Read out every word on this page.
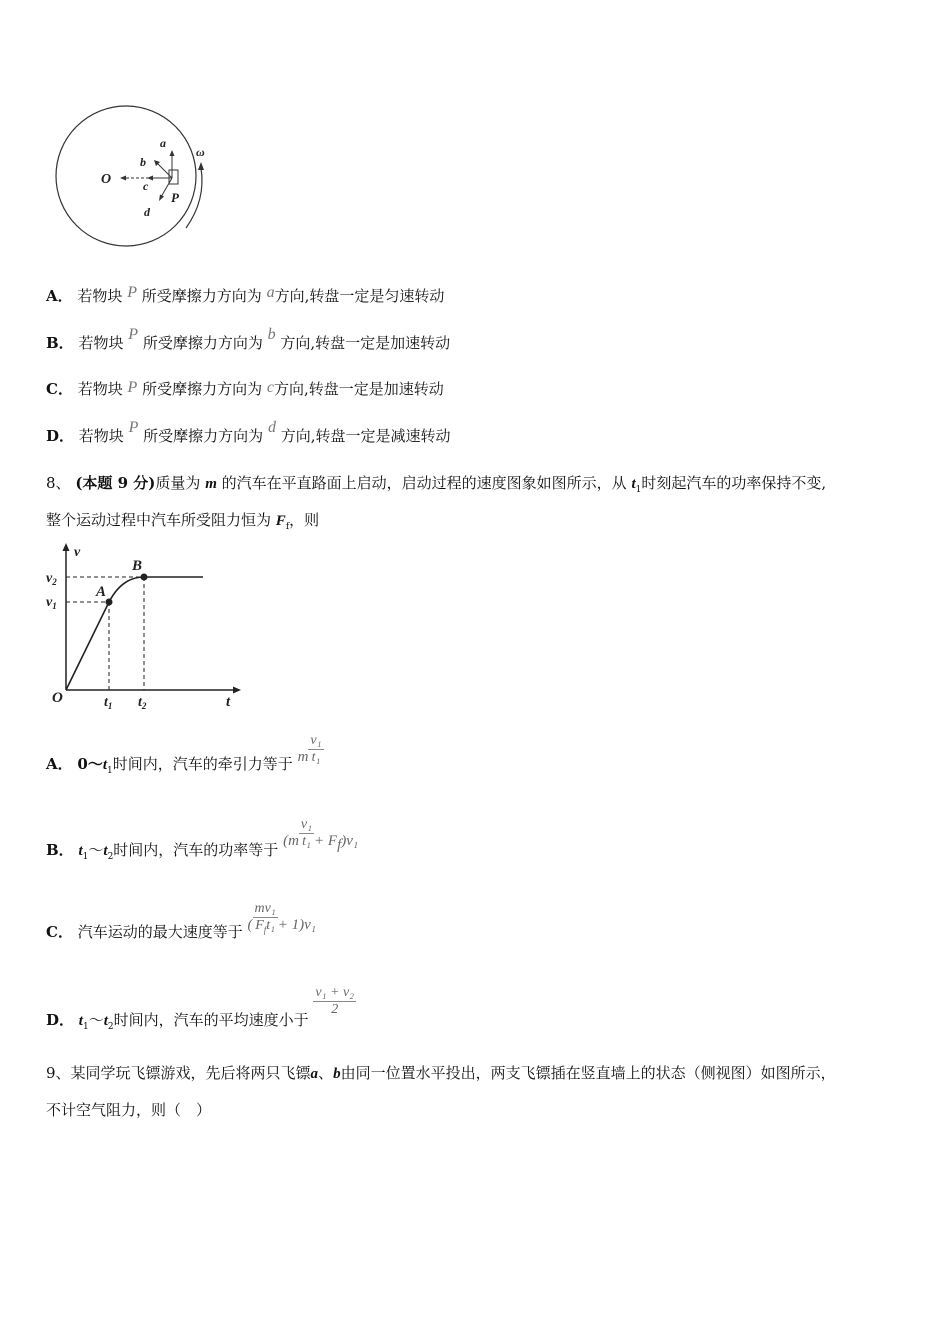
O
a
b
c
d
P
ω
A． 若物块 P 所受摩擦力方向为 a方向,转盘一定是匀速转动
B． 若物块 P 所受摩擦力方向为 b 方向,转盘一定是加速转动
C． 若物块 P 所受摩擦力方向为 c方向,转盘一定是加速转动
D． 若物块 P 所受摩擦力方向为 d 方向,转盘一定是减速转动
8、 (本题 9 分)质量为 m 的汽车在平直路面上启动，启动过程的速度图象如图所示，从 $t_1$时刻起汽车的功率保持不变,
整个运动过程中汽车所受阻力恒为 $F_f$，则
v
t
O
$v_2$
$v_1$
$t_1$ $t_2$
A
B
A． $0\sim t_1$时间内，汽车的牵引力等于 m $\frac{\text{v₁}}{\text{t₁}}$
B． $t_1\sim t_2$时间内，汽车的功率等于 $(m \frac{\text{v₁}}{\text{t₁}} + F_f)v_1$
C． 汽车运动的最大速度等于 ( $\frac{\text{mv₁}}{F_ft_1} + 1)v_1$
D． $t_1\sim t_2$时间内，汽车的平均速度小于
$\frac{\text{v₁ + v₂}}{2}$
9、某同学玩飞镖游戏，先后将两只飞镖a、b由同一位置水平投出，两支飞镖插在竖直墙上的状态（侧视图）如图所示，
不计空气阻力，则（　）
